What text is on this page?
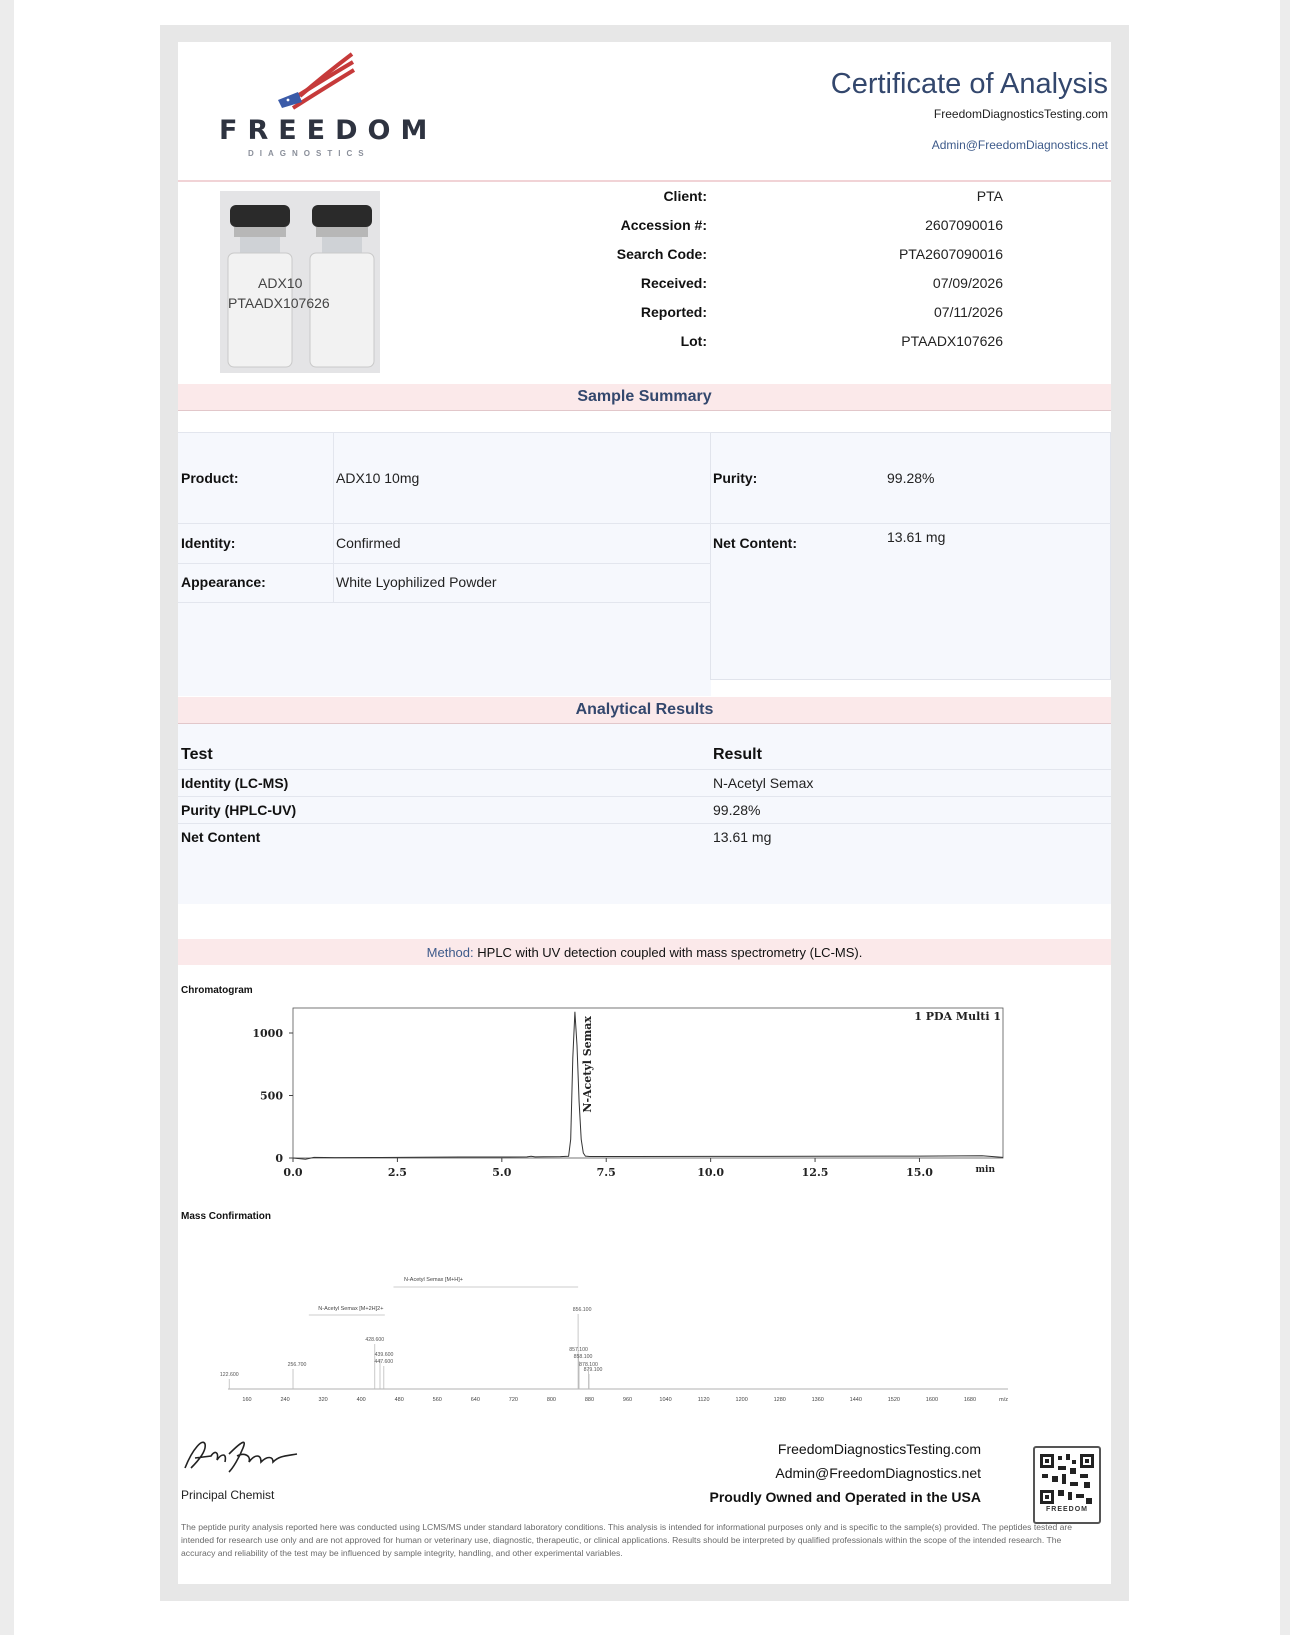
FREEDOM
DIAGNOSTICS
Certificate of Analysis
FreedomDiagnosticsTesting.com
Admin@FreedomDiagnostics.net
ADX10
PTAADX107626
Client:	PTA
Accession #:	2607090016
Search Code:	PTA2607090016
Received:	07/09/2026
Reported:	07/11/2026
Lot:	PTAADX107626
Sample Summary
Product:	ADX10 10mg
Identity:	Confirmed
Appearance:	White Lyophilized Powder
Purity:	99.28%
Net Content:	13.61 mg
Analytical Results
Test	Result
Identity (LC-MS)	N-Acetyl Semax
Purity (HPLC-UV)	99.28%
Net Content	13.61 mg
Method: HPLC with UV detection coupled with mass spectrometry (LC-MS).
Chromatogram
0
500
1000
0.0	2.5	5.0	7.5	10.0	12.5	15.0	min
1 PDA Multi 1
N-Acetyl Semax
Mass Confirmation
160	240	320	400	480	560	640	720	800	880	960	1040	1120	1200	1280	1360	1440	1520	1600	1680	m/z
122.600
256.700
428.600
439.600
447.600
856.100
857.100
858.100
878.100
879.100
N-Acetyl Semax [M+H]+
N-Acetyl Semax [M+2H]2+
Principal Chemist
FreedomDiagnosticsTesting.com
Admin@FreedomDiagnostics.net
Proudly Owned and Operated in the USA
FREEDOM
The peptide purity analysis reported here was conducted using LCMS/MS under standard laboratory conditions. This analysis is intended for informational purposes only and is specific to the sample(s) provided. The peptides tested are intended for research use only and are not approved for human or veterinary use, diagnostic, therapeutic, or clinical applications. Results should be interpreted by qualified professionals within the scope of the intended research. The accuracy and reliability of the test may be influenced by sample integrity, handling, and other experimental variables.
